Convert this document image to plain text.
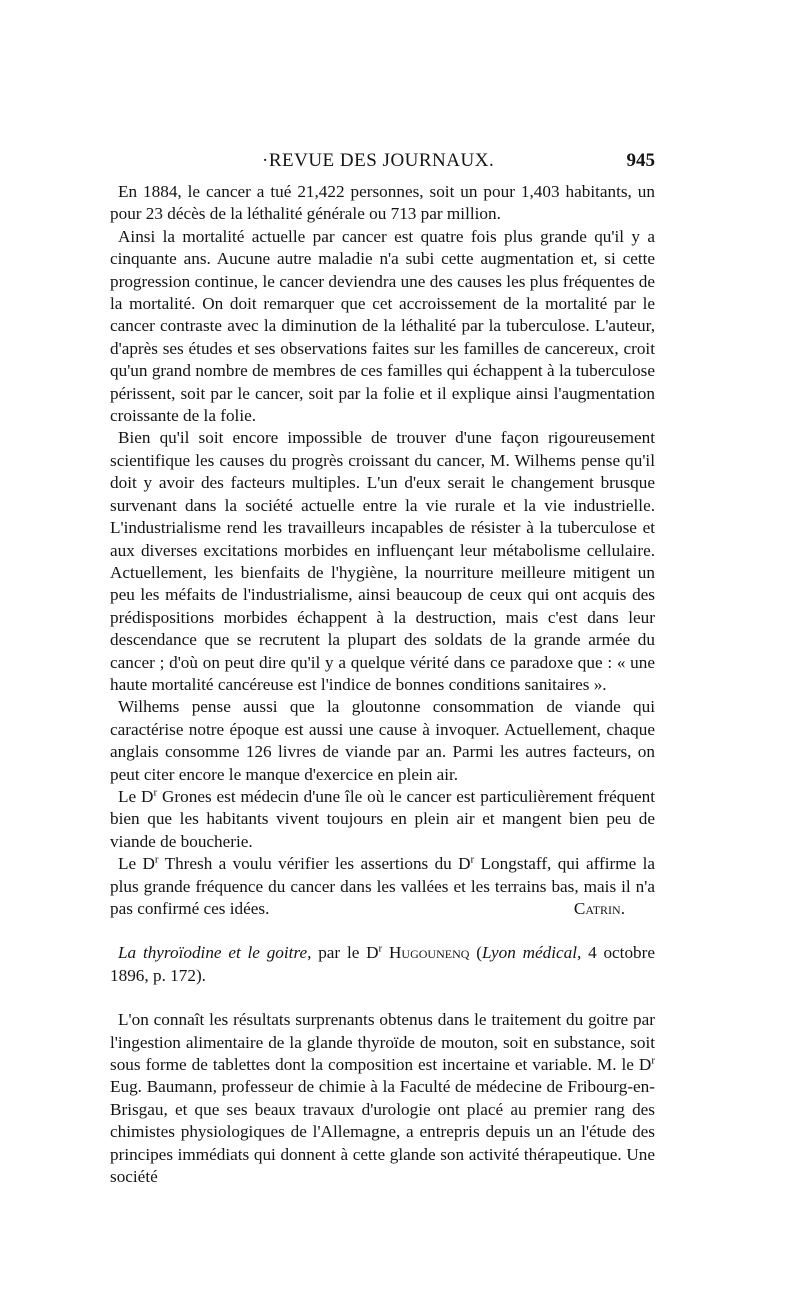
·REVUE DES JOURNAUX.	945

En 1884, le cancer a tué 21,422 personnes, soit un pour 1,403 habitants, un pour 23 décès de la léthalité générale ou 713 par million.

Ainsi la mortalité actuelle par cancer est quatre fois plus grande qu'il y a cinquante ans. Aucune autre maladie n'a subi cette augmentation et, si cette progression continue, le cancer deviendra une des causes les plus fréquentes de la mortalité. On doit remarquer que cet accroissement de la mortalité par le cancer contraste avec la diminution de la léthalité par la tuberculose. L'auteur, d'après ses études et ses observations faites sur les familles de cancereux, croit qu'un grand nombre de membres de ces familles qui échappent à la tuberculose périssent, soit par le cancer, soit par la folie et il explique ainsi l'augmentation croissante de la folie.

Bien qu'il soit encore impossible de trouver d'une façon rigoureusement scientifique les causes du progrès croissant du cancer, M. Wilhems pense qu'il doit y avoir des facteurs multiples. L'un d'eux serait le changement brusque survenant dans la société actuelle entre la vie rurale et la vie industrielle. L'industrialisme rend les travailleurs incapables de résister à la tuberculose et aux diverses excitations morbides en influençant leur métabolisme cellulaire. Actuellement, les bienfaits de l'hygiène, la nourriture meilleure mitigent un peu les méfaits de l'industrialisme, ainsi beaucoup de ceux qui ont acquis des prédispositions morbides échappent à la destruction, mais c'est dans leur descendance que se recrutent la plupart des soldats de la grande armée du cancer ; d'où on peut dire qu'il y a quelque vérité dans ce paradoxe que : « une haute mortalité cancéreuse est l'indice de bonnes conditions sanitaires ».

Wilhems pense aussi que la gloutonne consommation de viande qui caractérise notre époque est aussi une cause à invoquer. Actuellement, chaque anglais consomme 126 livres de viande par an. Parmi les autres facteurs, on peut citer encore le manque d'exercice en plein air.

Le $D^r$ Grones est médecin d'une île où le cancer est particulièrement fréquent bien que les habitants vivent toujours en plein air et mangent bien peu de viande de boucherie.

Le $D^r$ Thresh a voulu vérifier les assertions du $D^r$ Longstaff, qui affirme la plus grande fréquence du cancer dans les vallées et les terrains bas, mais il n'a pas confirmé ces idées.	Catrin.

La thyroïodine et le goitre, par le $D^r$ Hugounenq (Lyon médical, 4 octobre 1896, p. 172).

L'on connaît les résultats surprenants obtenus dans le traitement du goitre par l'ingestion alimentaire de la glande thyroïde de mouton, soit en substance, soit sous forme de tablettes dont la composition est incertaine et variable. M. le $D^r$ Eug. Baumann, professeur de chimie à la Faculté de médecine de Fribourg-en-Brisgau, et que ses beaux travaux d'urologie ont placé au premier rang des chimistes physiologiques de l'Allemagne, a entrepris depuis un an l'étude des principes immédiats qui donnent à cette glande son activité thérapeutique. Une société
